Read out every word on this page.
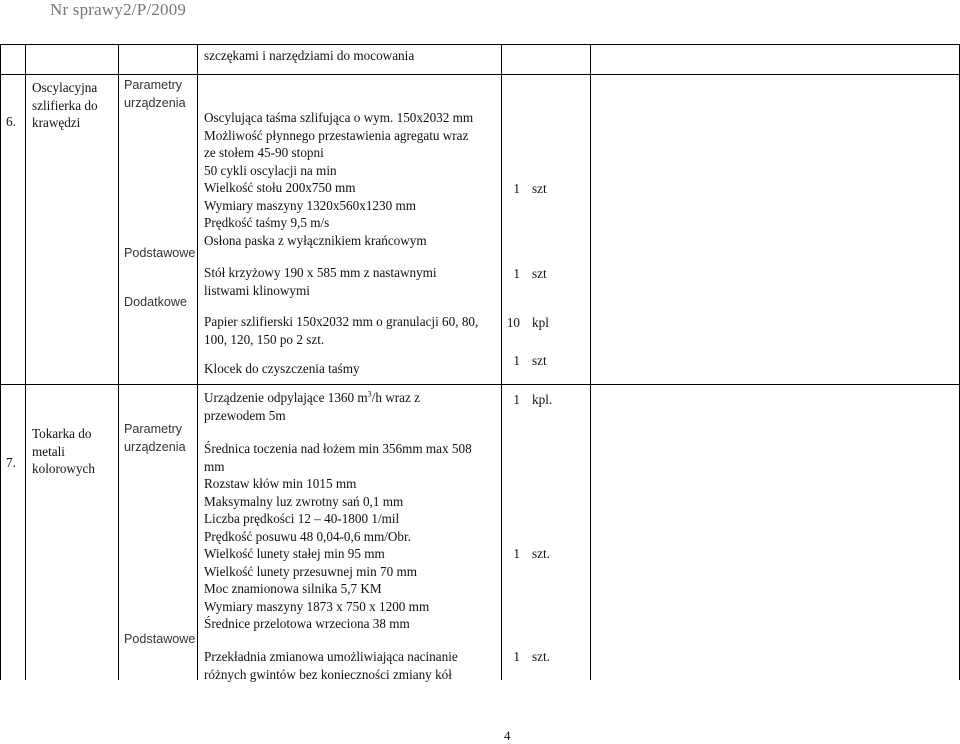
Nr sprawy2/P/2009
szczękami i narzędziami do mocowania
6.
Oscylacyjna
szlifierka do
krawędzi
Parametry
urządzenia
Podstawowe
Dodatkowe
Oscylująca taśma szlifująca o wym. 150x2032 mm
Możliwość płynnego przestawienia agregatu wraz
ze stołem 45-90 stopni
50 cykli oscylacji na min
Wielkość stołu 200x750 mm
Wymiary maszyny 1320x560x1230 mm
Prędkość taśmy 9,5 m/s
Osłona paska z wyłącznikiem krańcowym
1 szt
Stół krzyżowy 190 x 585 mm z nastawnymi
listwami klinowymi
1 szt
Papier szlifierski 150x2032 mm o granulacji 60, 80,
100, 120, 150 po 2 szt.
10 kpl
Klocek do czyszczenia taśmy
1 szt
7.
Tokarka do
metali
kolorowych
Parametry
urządzenia
Podstawowe
Urządzenie odpylające 1360 $m^3/h$ wraz z
przewodem 5m
1 kpl.
Średnica toczenia nad łożem min 356mm max 508
mm
Rozstaw kłów min 1015 mm
Maksymalny luz zwrotny sań 0,1 mm
Liczba prędkości 12 – 40-1800 1/mil
Prędkość posuwu 48 0,04-0,6 mm/Obr.
Wielkość lunety stałej min 95 mm
Wielkość lunety przesuwnej min 70 mm
Moc znamionowa silnika 5,7 KM
Wymiary maszyny 1873 x 750 x 1200 mm
Średnice przelotowa wrzeciona 38 mm
1 szt.
Przekładnia zmianowa umożliwiająca nacinanie
różnych gwintów bez konieczności zmiany kół
1 szt.
4
